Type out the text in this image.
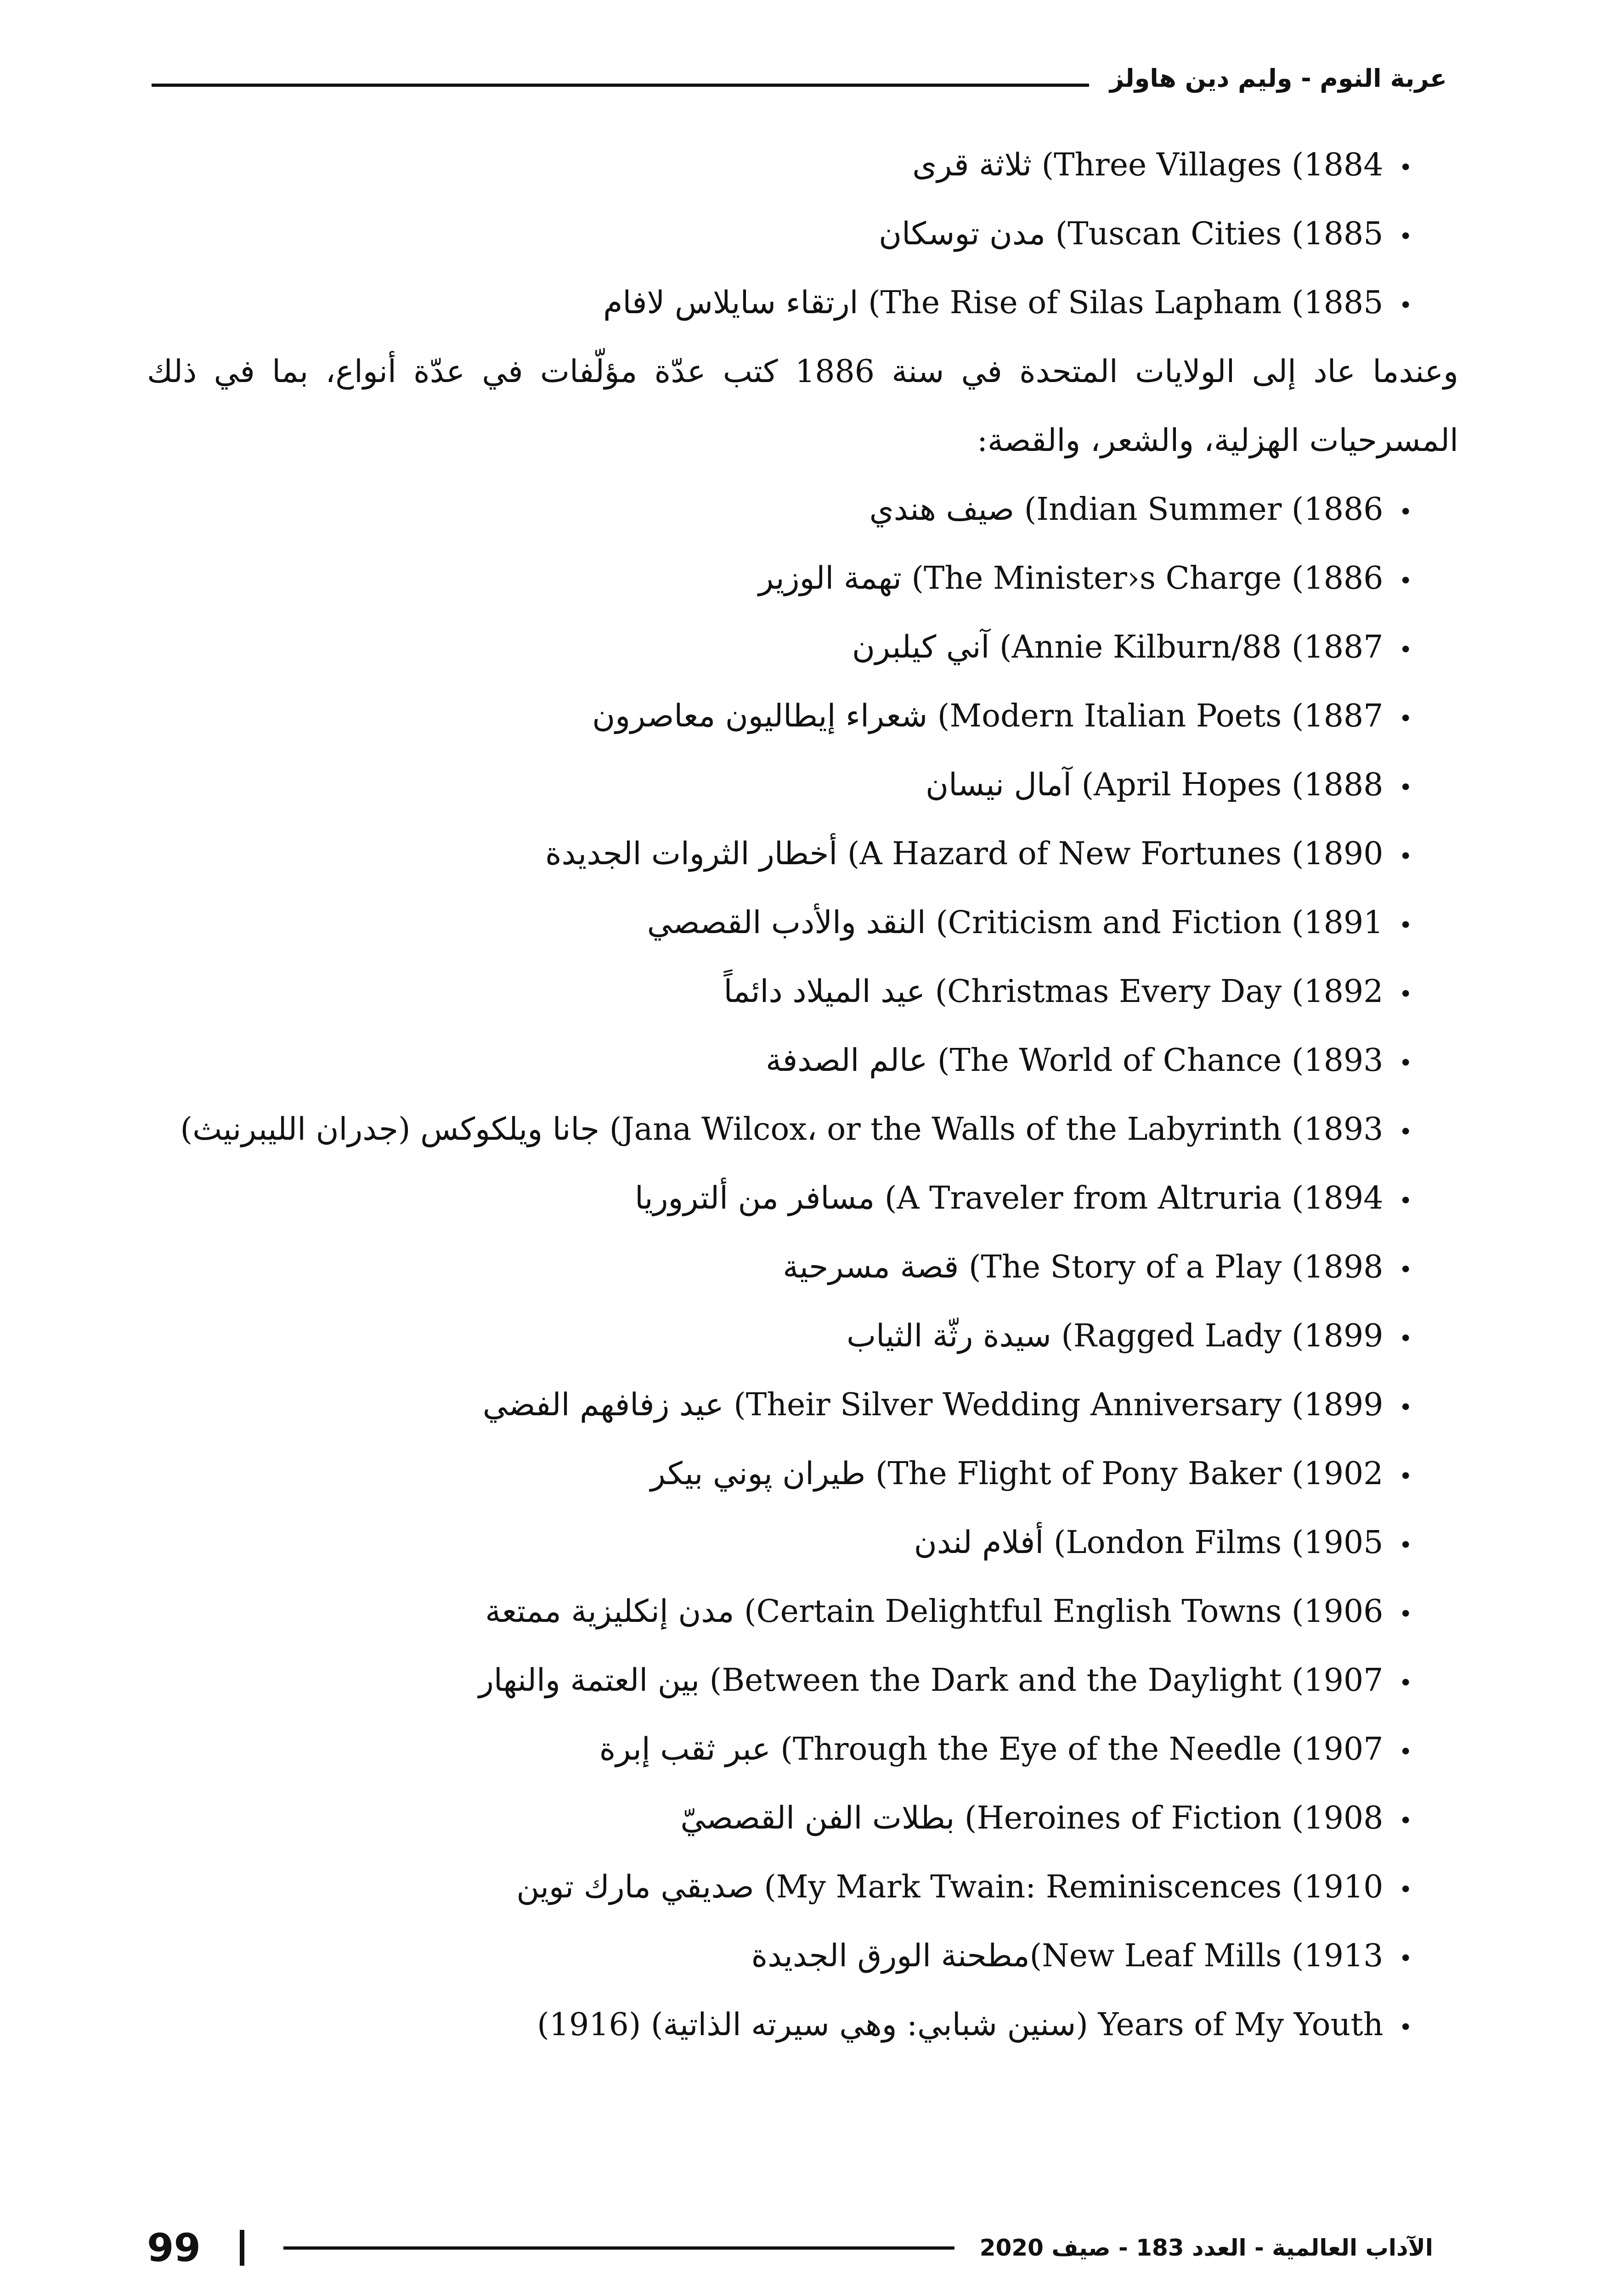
عربة النوم - وليم دين هاولز
•1884) Three Villages) ثلاثة قرى
•1885) Tuscan Cities) مدن توسكان
•1885) The Rise of Silas Lapham) ارتقاء سايلاس لافام
وعندما عاد إلى الولايات المتحدة في سنة 1886 كتب عدّة مؤلّفات في عدّة أنواع، بما في ذلك
المسرحيات الهزلية، والشعر، والقصة:
•1886) Indian Summer) صيف هندي
•1886) The Minister›s Charge) تهمة الوزير
•1887) 88/Annie Kilburn) آني كيلبرن
•1887) Modern Italian Poets) شعراء إيطاليون معاصرون
•1888) April Hopes) آمال نيسان
•1890) A Hazard of New Fortunes) أخطار الثروات الجديدة
•1891) Criticism and Fiction) النقد والأدب القصصي
•1892) Christmas Every Day) عيد الميلاد دائماً
•1893) The World of Chance) عالم الصدفة
•1893) Jana Wilcox، or the Walls of the Labyrinth) جانا ويلكوكس (جدران الليبرنيث)
•1894) A Traveler from Altruria) مسافر من ألتروريا
•1898) The Story of a Play) قصة مسرحية
•1899) Ragged Lady) سيدة رثّة الثياب
•1899) Their Silver Wedding Anniversary) عيد زفافهم الفضي
•1902) The Flight of Pony Baker) طيران پوني بيكر
•1905) London Films) أفلام لندن
•1906) Certain Delightful English Towns) مدن إنكليزية ممتعة
•1907) Between the Dark and the Daylight) بين العتمة والنهار
•1907) Through the Eye of the Needle) عبر ثقب إبرة
•1908) Heroines of Fiction) بطلات الفن القصصيّ
•1910) My Mark Twain: Reminiscences) صديقي مارك توين
•1913) New Leaf Mills)مطحنة الورق الجديدة
•Years of My Youth (سنين شبابي: وهي سيرته الذاتية) (1916)
99	الآداب العالمية - العدد 183 - صيف 2020
